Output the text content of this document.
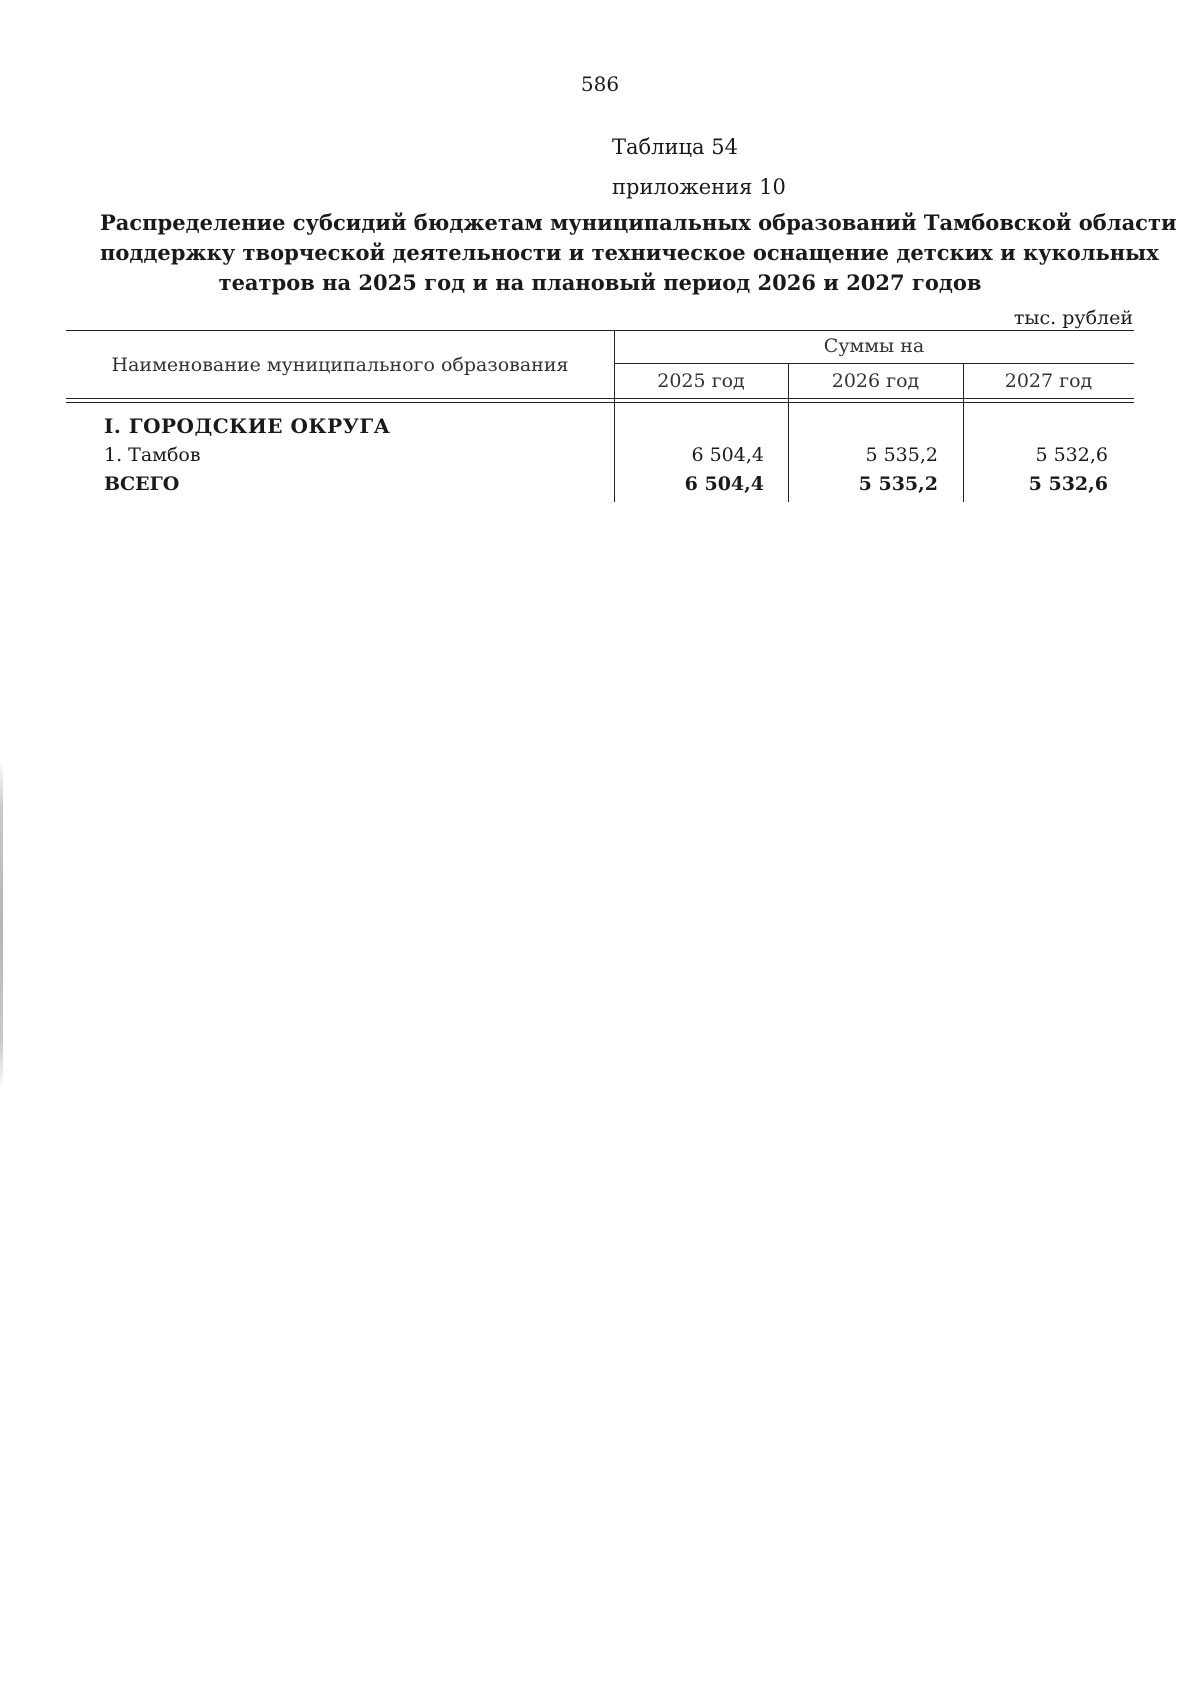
586
Таблица 54
приложения 10
Распределение субсидий бюджетам муниципальных образований Тамбовской области
поддержку творческой деятельности и техническое оснащение детских и кукольных
театров на 2025 год и на плановый период 2026 и 2027 годов
тыс. рублей
Наименование муниципального образования
Суммы на
2025 год	2026 год	2027 год
I. ГОРОДСКИЕ ОКРУГА
1. Тамбов	6 504,4	5 535,2	5 532,6
ВСЕГО	6 504,4	5 535,2	5 532,6
